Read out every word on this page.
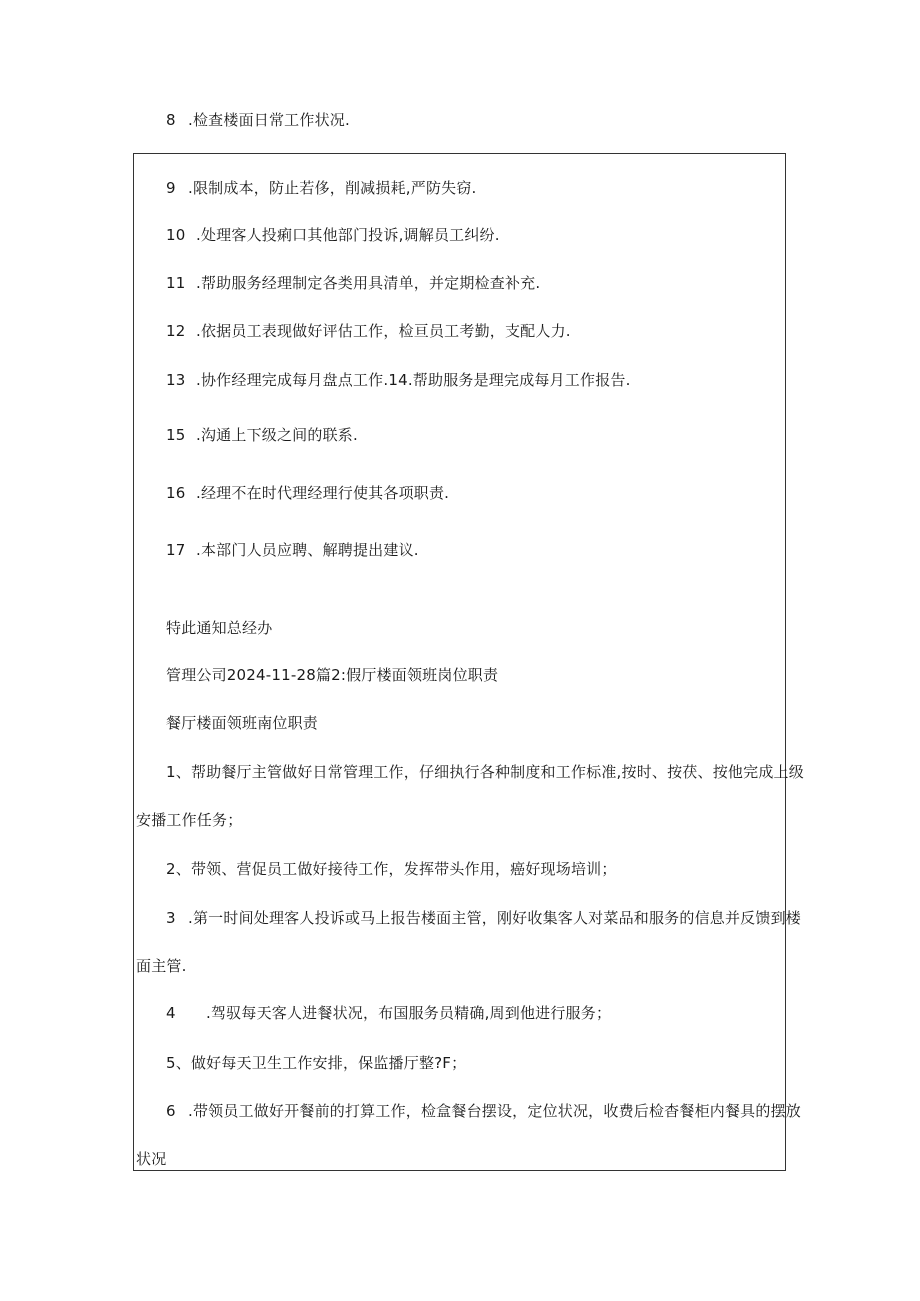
8 .检查楼面日常工作状况.
9 .限制成本，防止若侈，削减损耗,严防失窃.
10 .处理客人投痢口其他部门投诉,调解员工纠纷.
11 .帮助服务经理制定各类用具清单，并定期检查补充.
12 .依据员工表现做好评估工作，检亘员工考勤，支配人力.
13 .协作经理完成每月盘点工作.14.帮助服务是理完成每月工作报告.
15 .沟通上下级之间的联系.
16 .经理不在时代理经理行使其各项职责.
17 .本部门人员应聘、解聘提出建议.
特此通知总经办
管理公司2024-11-28篇2:假厅楼面领班岗位职责
餐厅楼面领班南位职责
1、帮助餐厅主管做好日常管理工作，仔细执行各种制度和工作标准,按时、按茯、按他完成上级
安播工作任务；
2、带领、营促员工做好接待工作，发挥带头作用，癌好现场培训；
3 .第一时间处理客人投诉或马上报告楼面主管，刚好收集客人对菜品和服务的信息并反馈到楼
面主管.
4 .驾驭每天客人进餐状况，布国服务员精确,周到他进行服务；
5、做好每天卫生工作安排，保监播厅整?F；
6 .带领员工做好开餐前的打算工作，检盒餐台摆设，定位状况，收费后检杳餐柜内餐具的摆放
状况
